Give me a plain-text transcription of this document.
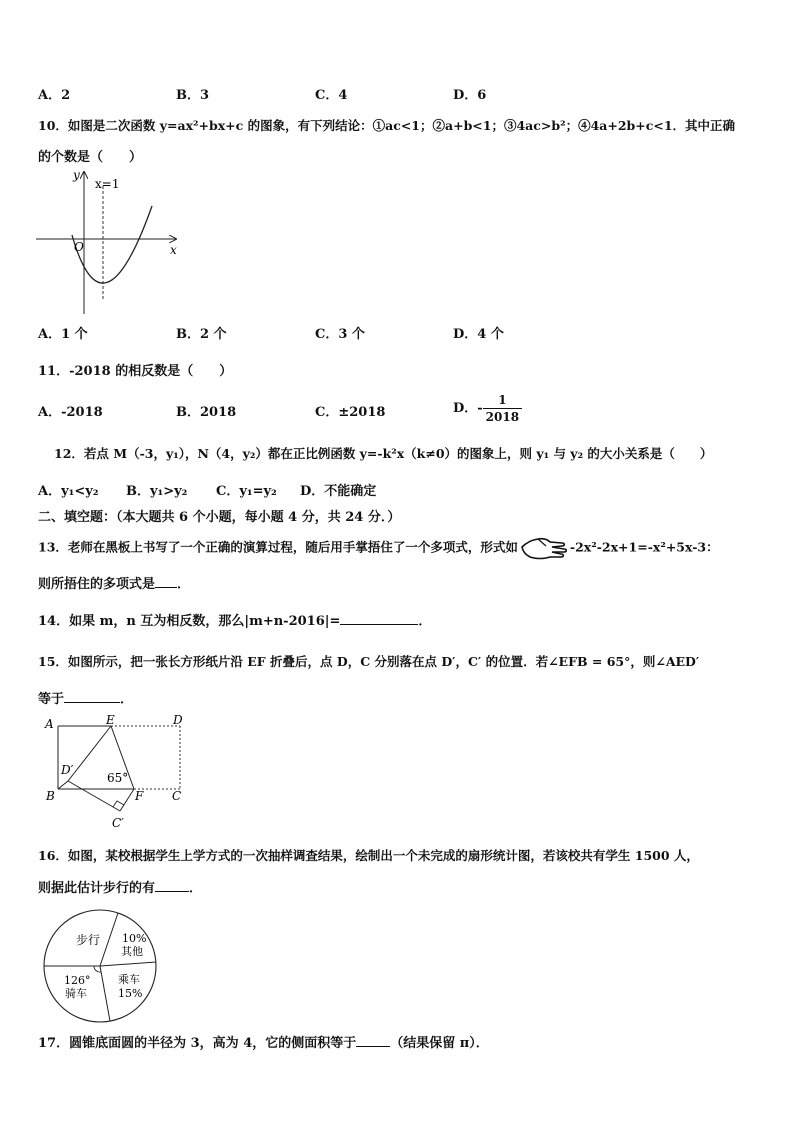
A．2	B．3	C．4	D．6
10．如图是二次函数 y=ax²+bx+c 的图象，有下列结论：①ac<1；②a+b<1；③4ac>b²；④4a+2b+c<1．其中正确
的个数是（　　）
y
x
O
x=1
A．1 个	B．2 个	C．3 个	D．4 个
11．-2018 的相反数是（　　）
A．-2018	B．2018	C．±2018	D．- $\frac{1}{2018}$
12．若点 M（-3，y₁），N（4，y₂）都在正比例函数 y=-k²x（k≠0）的图象上，则 y₁ 与 y₂ 的大小关系是（　　）
A．y₁<y₂ B．y₁>y₂ C．y₁=y₂ D．不能确定
二、填空题：（本大题共 6 个小题，每小题 4 分，共 24 分．）
13．老师在黑板上书写了一个正确的演算过程，随后用手掌捂住了一个多项式，形式如	-2x²-2x+1=-x²+5x-3：
则所捂住的多项式是 ．
14．如果 m，n 互为相反数，那么|m+n-2016|=	．
15．如图所示，把一张长方形纸片沿 EF 折叠后，点 D，C 分别落在点 D′，C′ 的位置．若∠EFB = 65°，则∠AED′
等于	．
A	E	D
D′
B	F C
C′
65°
16．如图，某校根据学生上学方式的一次抽样调查结果，绘制出一个未完成的扇形统计图，若该校共有学生 1500 人，
则据此估计步行的有	．
步行 10%
其他
乘车
15%
126°
骑车
17．圆锥底面圆的半径为 3，高为 4，它的侧面积等于	（结果保留 π）．
